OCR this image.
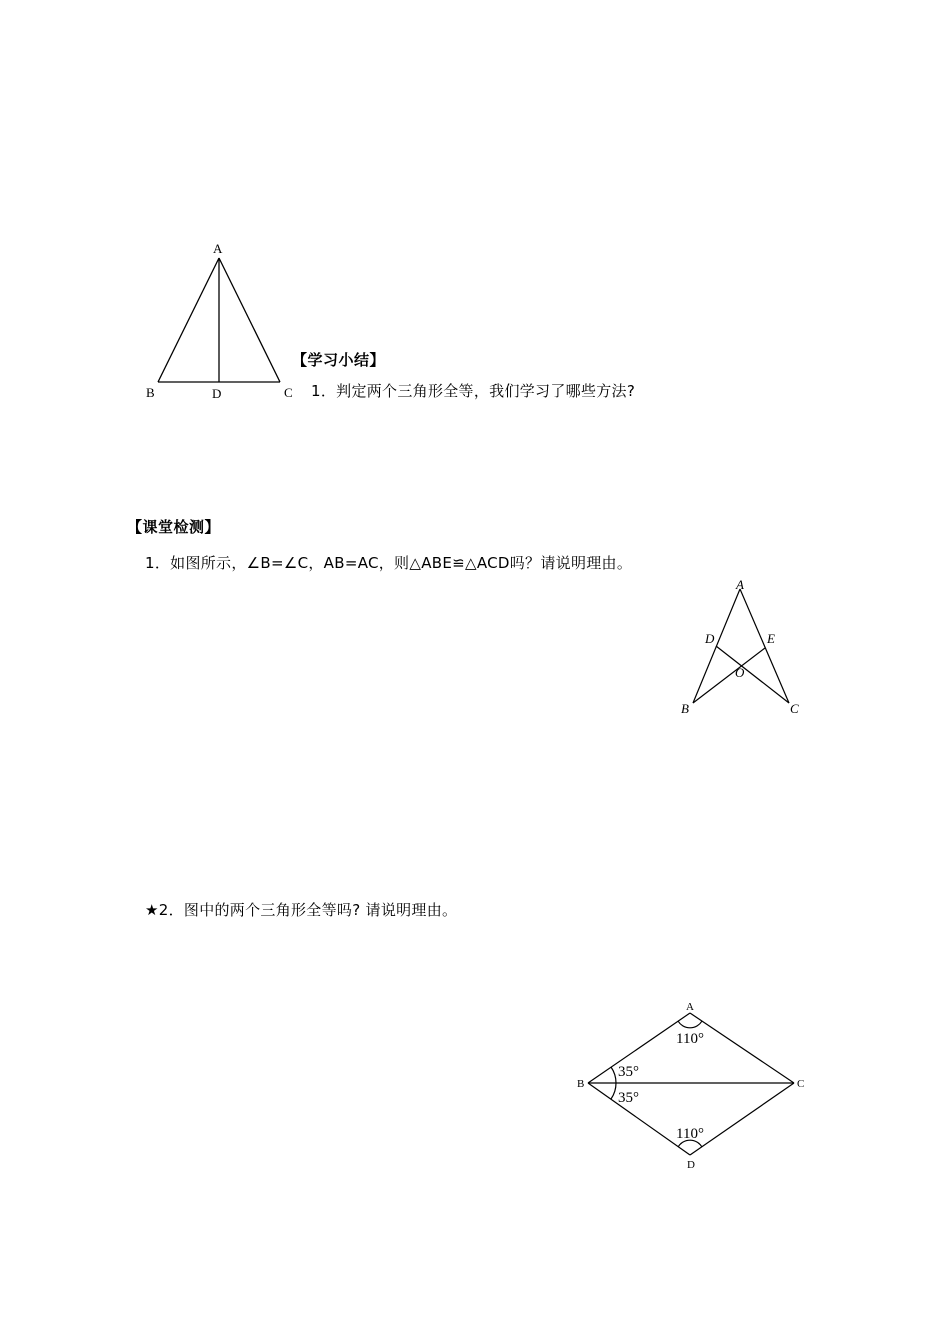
A
B	D	C
【学习小结】
1．判定两个三角形全等，我们学习了哪些方法?
【课堂检测】
1．如图所示，∠B=∠C，AB=AC，则△ABE≌△ACD吗？请说明理由。
A
D	E
O
B	C
★2．图中的两个三角形全等吗? 请说明理由。
A
B	C
D
110°
35°
35°
110°
